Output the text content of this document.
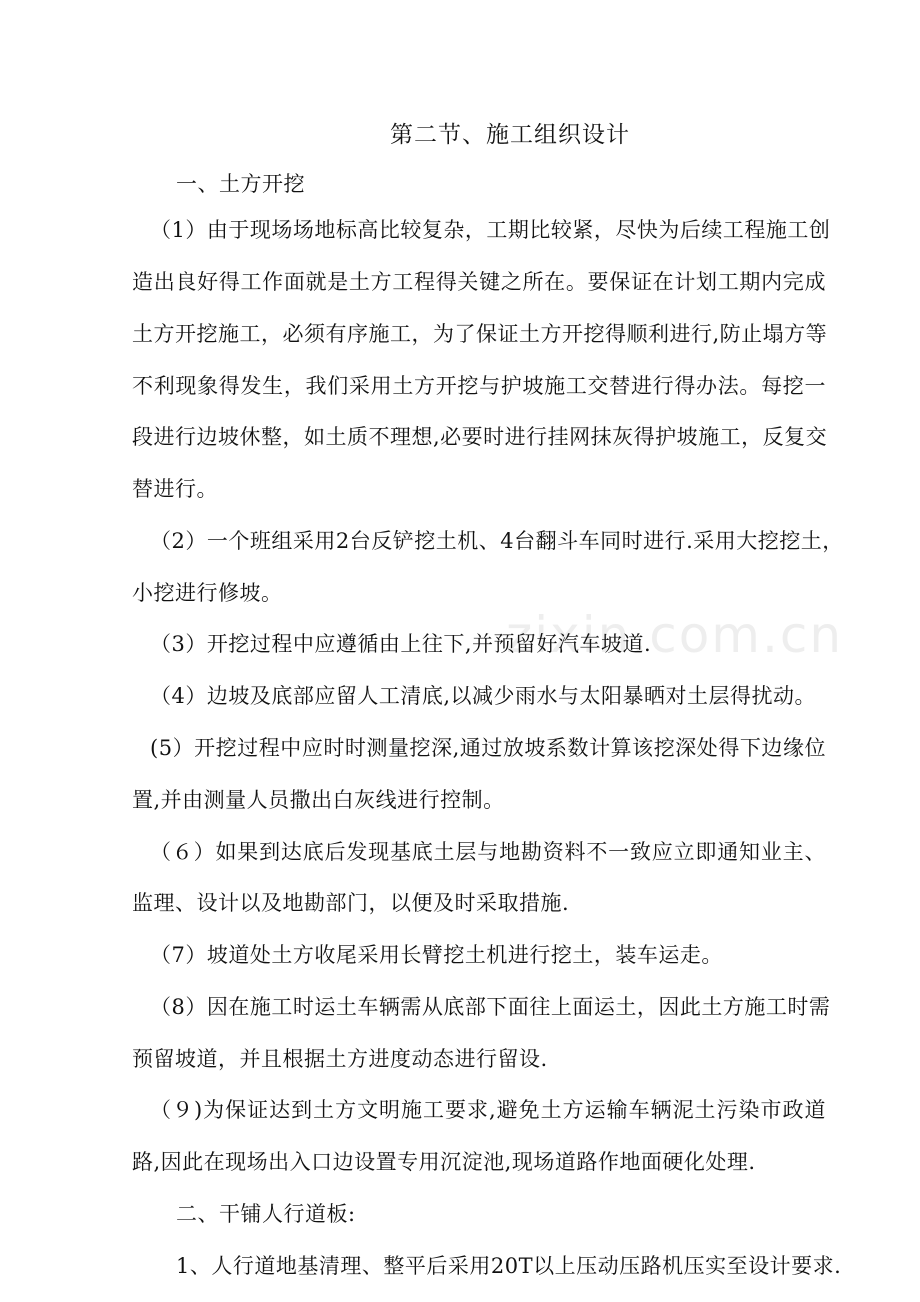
zixin.com.cn
第二节、施工组织设计
一、土方开挖
（1）由于现场场地标高比较复杂，工期比较紧，尽快为后续工程施工创
造出良好得工作面就是土方工程得关键之所在。要保证在计划工期内完成
土方开挖施工，必须有序施工，为了保证土方开挖得顺利进行,防止塌方等
不利现象得发生，我们采用土方开挖与护坡施工交替进行得办法。每挖一
段进行边坡休整，如土质不理想,必要时进行挂网抹灰得护坡施工，反复交
替进行。
（2）一个班组采用2台反铲挖土机、4台翻斗车同时进行.采用大挖挖土，
小挖进行修坡。
（3）开挖过程中应遵循由上往下,并预留好汽车坡道.
（4）边坡及底部应留人工清底,以减少雨水与太阳暴晒对土层得扰动。
(5）开挖过程中应时时测量挖深,通过放坡系数计算该挖深处得下边缘位
置,并由测量人员撒出白灰线进行控制。
（６）如果到达底后发现基底土层与地勘资料不一致应立即通知业主、
监理、设计以及地勘部门，以便及时采取措施.
（7）坡道处土方收尾采用长臂挖土机进行挖土，装车运走。
（8）因在施工时运土车辆需从底部下面往上面运土，因此土方施工时需
预留坡道，并且根据土方进度动态进行留设.
（９)为保证达到土方文明施工要求,避免土方运输车辆泥土污染市政道
路,因此在现场出入口边设置专用沉淀池,现场道路作地面硬化处理.
二、干铺人行道板:
1、人行道地基清理、整平后采用20T以上压动压路机压实至设计要求.
